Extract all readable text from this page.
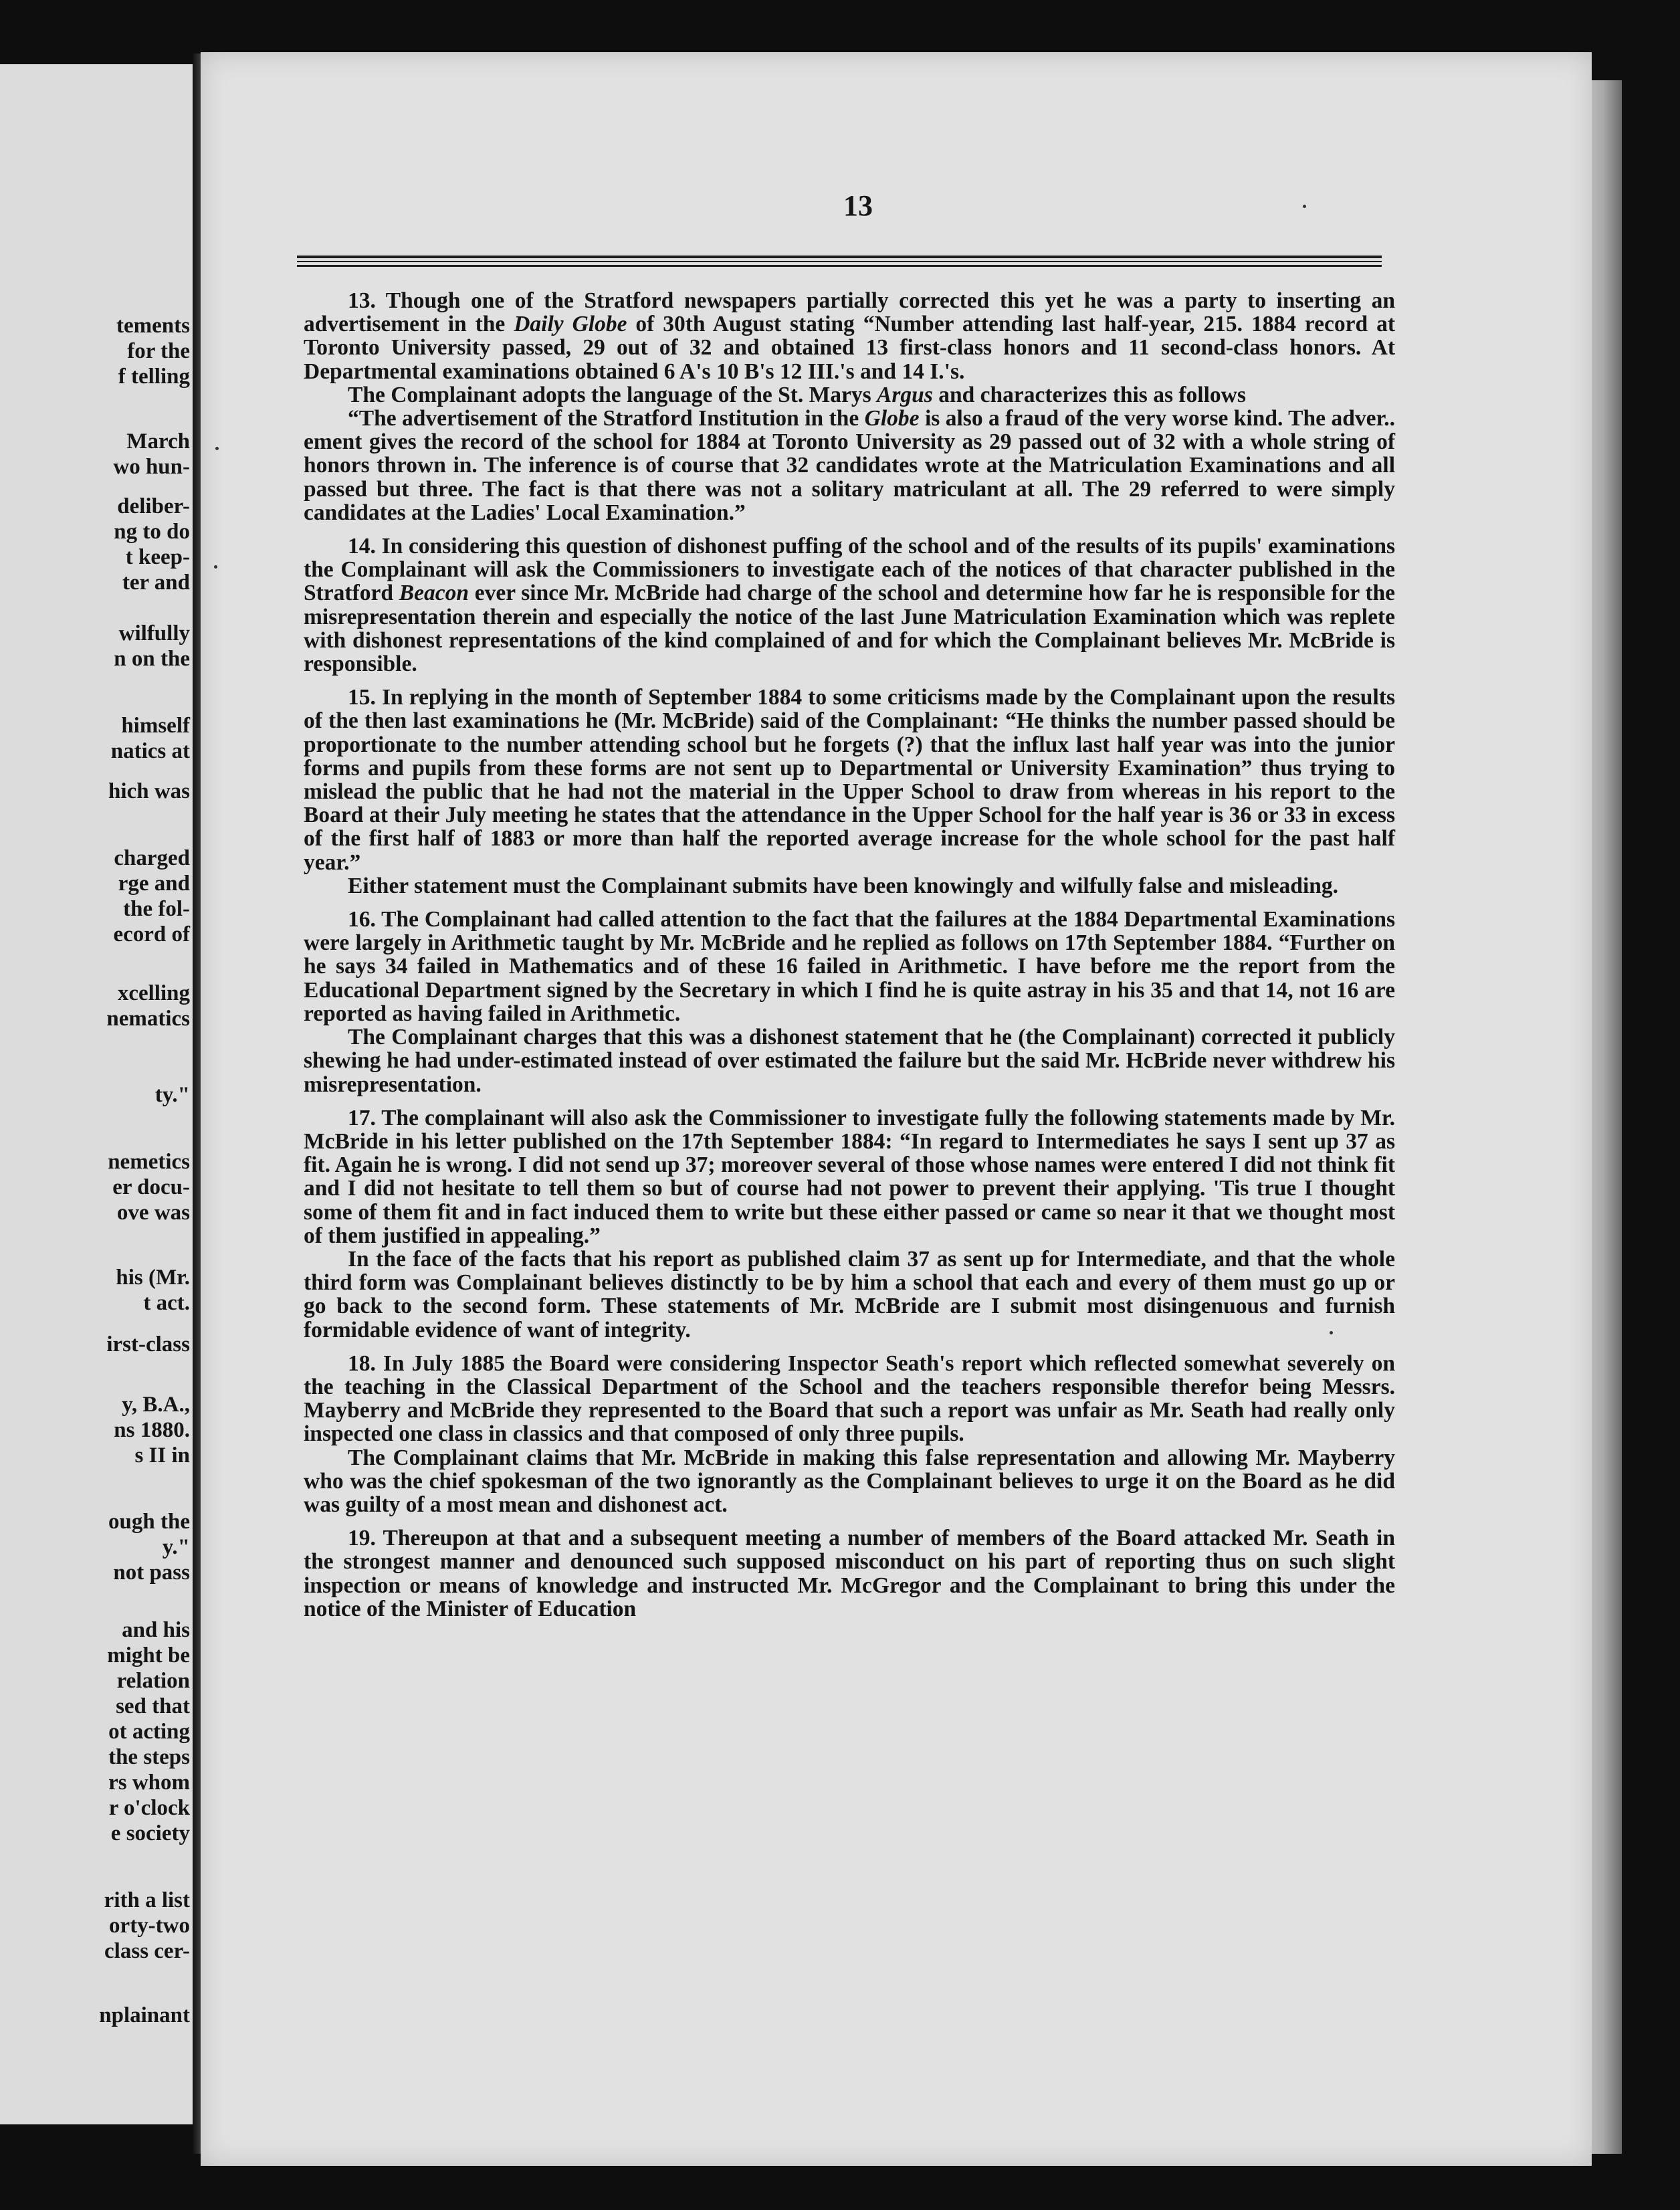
tements

for the

f telling

March

wo hun-

deliber-

ng to do

t keep-

ter and

wilfully

n on the

himself

natics at

hich was

charged

rge and

the fol-

ecord of

xcelling

nematics

ty."

nemetics

er docu-

ove was

his (Mr.

t act.

irst-class

y, B.A.,

ns 1880.

s II in

ough the

y."

not pass

and his

might be

relation

sed that

ot acting

the steps

rs whom

r o'clock

e society

rith a list

orty-two

class cer-

nplainant

13

13. Though one of the Stratford newspapers partially corrected this yet he was a party to inserting an advertisement in the Daily Globe of 30th August stating “Number attending last half-year, 215. 1884 record at Toronto University passed, 29 out of 32 and obtained 13 first-class honors and 11 second-class honors. At Departmental examinations obtained 6 A's 10 B's 12 III.'s and 14 I.'s.

The Complainant adopts the language of the St. Marys Argus and characterizes this as follows

“The advertisement of the Stratford Institution in the Globe is also a fraud of the very worse kind. The adver.. ement gives the record of the school for 1884 at Toronto University as 29 passed out of 32 with a whole string of honors thrown in. The inference is of course that 32 candidates wrote at the Matriculation Examinations and all passed but three. The fact is that there was not a solitary matriculant at all. The 29 referred to were simply candidates at the Ladies' Local Examination.”

14. In considering this question of dishonest puffing of the school and of the results of its pupils' examinations the Complainant will ask the Commissioners to investigate each of the notices of that character published in the Stratford Beacon ever since Mr. McBride had charge of the school and determine how far he is responsible for the misrepresentation therein and especially the notice of the last June Matriculation Examination which was replete with dishonest representations of the kind complained of and for which the Complainant believes Mr. McBride is responsible.

15. In replying in the month of September 1884 to some criticisms made by the Complainant upon the results of the then last examinations he (Mr. McBride) said of the Complainant: “He thinks the number passed should be proportionate to the number attending school but he forgets (?) that the influx last half year was into the junior forms and pupils from these forms are not sent up to Departmental or University Examination” thus trying to mislead the public that he had not the material in the Upper School to draw from whereas in his report to the Board at their July meeting he states that the attendance in the Upper School for the half year is 36 or 33 in excess of the first half of 1883 or more than half the reported average increase for the whole school for the past half year.”

Either statement must the Complainant submits have been knowingly and wilfully false and misleading.

16. The Complainant had called attention to the fact that the failures at the 1884 Departmental Examinations were largely in Arithmetic taught by Mr. McBride and he replied as follows on 17th September 1884. “Further on he says 34 failed in Mathematics and of these 16 failed in Arithmetic. I have before me the report from the Educational Department signed by the Secretary in which I find he is quite astray in his 35 and that 14, not 16 are reported as having failed in Arithmetic.

The Complainant charges that this was a dishonest statement that he (the Complainant) corrected it publicly shewing he had under-estimated instead of over estimated the failure but the said Mr. HcBride never withdrew his misrepresentation.

17. The complainant will also ask the Commissioner to investigate fully the following statements made by Mr. McBride in his letter published on the 17th September 1884: “In regard to Intermediates he says I sent up 37 as fit. Again he is wrong. I did not send up 37; moreover several of those whose names were entered I did not think fit and I did not hesitate to tell them so but of course had not power to prevent their applying. 'Tis true I thought some of them fit and in fact induced them to write but these either passed or came so near it that we thought most of them justified in appealing.”

In the face of the facts that his report as published claim 37 as sent up for Intermediate, and that the whole third form was Complainant believes distinctly to be by him a school that each and every of them must go up or go back to the second form. These statements of Mr. McBride are I submit most disingenuous and furnish formidable evidence of want of integrity.

18. In July 1885 the Board were considering Inspector Seath's report which reflected somewhat severely on the teaching in the Classical Department of the School and the teachers responsible therefor being Messrs. Mayberry and McBride they represented to the Board that such a report was unfair as Mr. Seath had really only inspected one class in classics and that composed of only three pupils.

The Complainant claims that Mr. McBride in making this false representation and allowing Mr. Mayberry who was the chief spokesman of the two ignorantly as the Complainant believes to urge it on the Board as he did was guilty of a most mean and dishonest act.

19. Thereupon at that and a subsequent meeting a number of members of the Board attacked Mr. Seath in the strongest manner and denounced such supposed misconduct on his part of reporting thus on such slight inspection or means of knowledge and instructed Mr. McGregor and the Complainant to bring this under the notice of the Minister of Education
